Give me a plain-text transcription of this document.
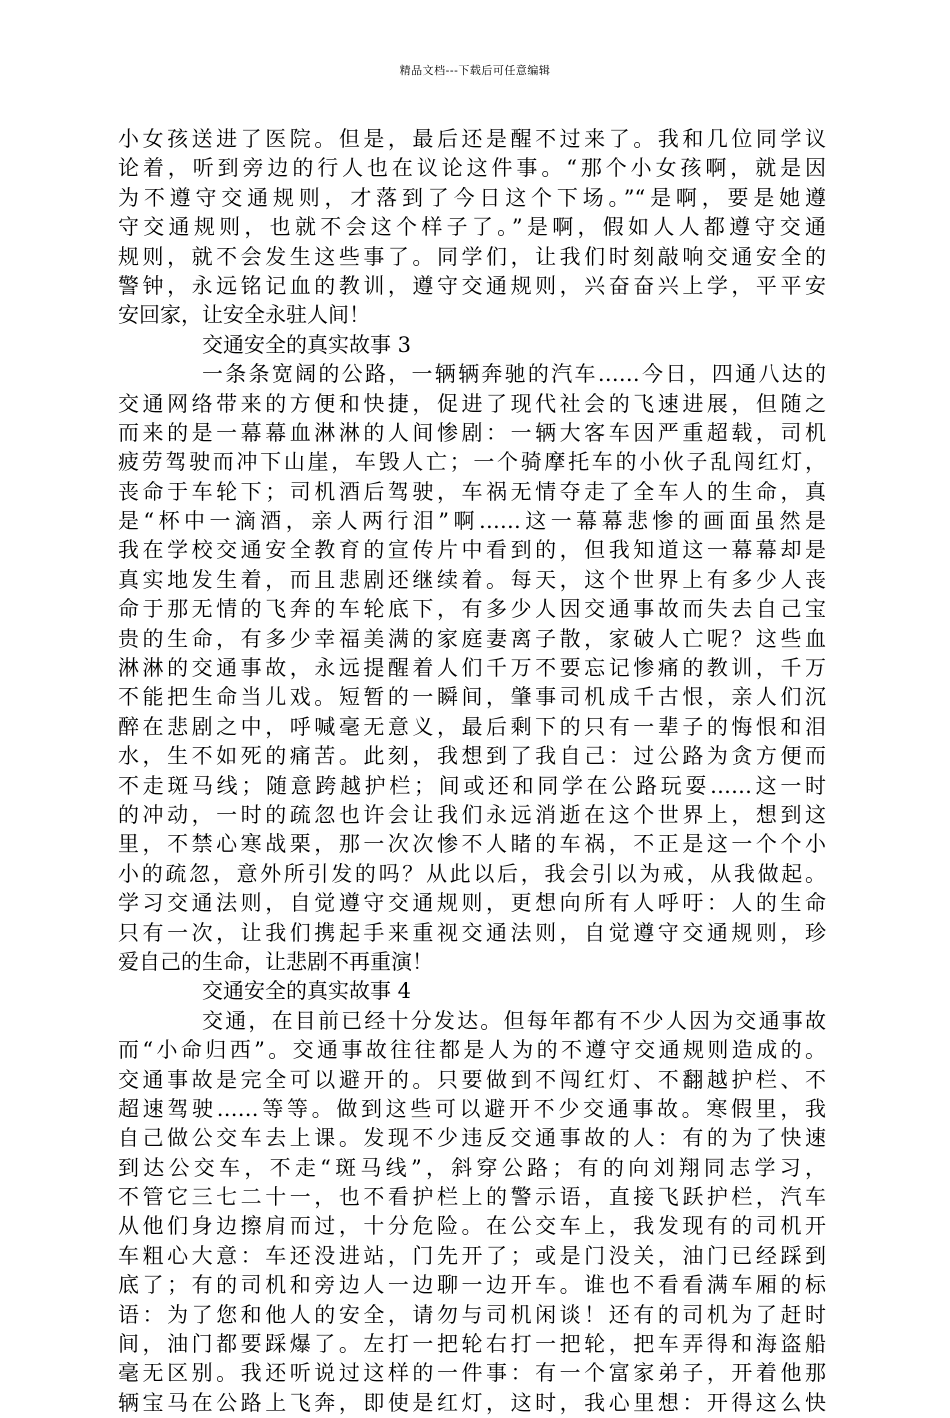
精品文档---下载后可任意编辑
小女孩送进了医院。但是，最后还是醒不过来了。我和几位同学议
论着，听到旁边的行人也在议论这件事。“那个小女孩啊，就是因
为不遵守交通规则，才落到了今日这个下场。”“是啊，要是她遵
守交通规则，也就不会这个样子了。”是啊，假如人人都遵守交通
规则，就不会发生这些事了。同学们，让我们时刻敲响交通安全的
警钟，永远铭记血的教训，遵守交通规则，兴奋奋兴上学，平平安
安回家，让安全永驻人间！
交通安全的真实故事 3
一条条宽阔的公路，一辆辆奔驰的汽车……今日，四通八达的
交通网络带来的方便和快捷，促进了现代社会的飞速进展，但随之
而来的是一幕幕血淋淋的人间惨剧：一辆大客车因严重超载，司机
疲劳驾驶而冲下山崖，车毁人亡；一个骑摩托车的小伙子乱闯红灯，
丧命于车轮下；司机酒后驾驶，车祸无情夺走了全车人的生命，真
是“杯中一滴酒，亲人两行泪”啊……这一幕幕悲惨的画面虽然是
我在学校交通安全教育的宣传片中看到的，但我知道这一幕幕却是
真实地发生着，而且悲剧还继续着。每天，这个世界上有多少人丧
命于那无情的飞奔的车轮底下，有多少人因交通事故而失去自己宝
贵的生命，有多少幸福美满的家庭妻离子散，家破人亡呢？这些血
淋淋的交通事故，永远提醒着人们千万不要忘记惨痛的教训，千万
不能把生命当儿戏。短暂的一瞬间，肇事司机成千古恨，亲人们沉
醉在悲剧之中，呼喊毫无意义，最后剩下的只有一辈子的悔恨和泪
水，生不如死的痛苦。此刻，我想到了我自己：过公路为贪方便而
不走斑马线；随意跨越护栏；间或还和同学在公路玩耍……这一时
的冲动，一时的疏忽也许会让我们永远消逝在这个世界上，想到这
里，不禁心寒战栗，那一次次惨不人睹的车祸，不正是这一个个小
小的疏忽，意外所引发的吗？从此以后，我会引以为戒，从我做起。
学习交通法则，自觉遵守交通规则，更想向所有人呼吁：人的生命
只有一次，让我们携起手来重视交通法则，自觉遵守交通规则，珍
爱自己的生命，让悲剧不再重演！
交通安全的真实故事 4
交通，在目前已经十分发达。但每年都有不少人因为交通事故
而“小命归西”。交通事故往往都是人为的不遵守交通规则造成的。
交通事故是完全可以避开的。只要做到不闯红灯、不翻越护栏、不
超速驾驶……等等。做到这些可以避开不少交通事故。寒假里，我
自己做公交车去上课。发现不少违反交通事故的人：有的为了快速
到达公交车，不走“斑马线”，斜穿公路；有的向刘翔同志学习，
不管它三七二十一，也不看护栏上的警示语，直接飞跃护栏，汽车
从他们身边擦肩而过，十分危险。在公交车上，我发现有的司机开
车粗心大意：车还没进站，门先开了；或是门没关，油门已经踩到
底了；有的司机和旁边人一边聊一边开车。谁也不看看满车厢的标
语：为了您和他人的安全，请勿与司机闲谈！还有的司机为了赶时
间，油门都要踩爆了。左打一把轮右打一把轮，把车弄得和海盗船
毫无区别。我还听说过这样的一件事：有一个富家弟子，开着他那
辆宝马在公路上飞奔，即使是红灯，这时，我心里想：开得这么快
